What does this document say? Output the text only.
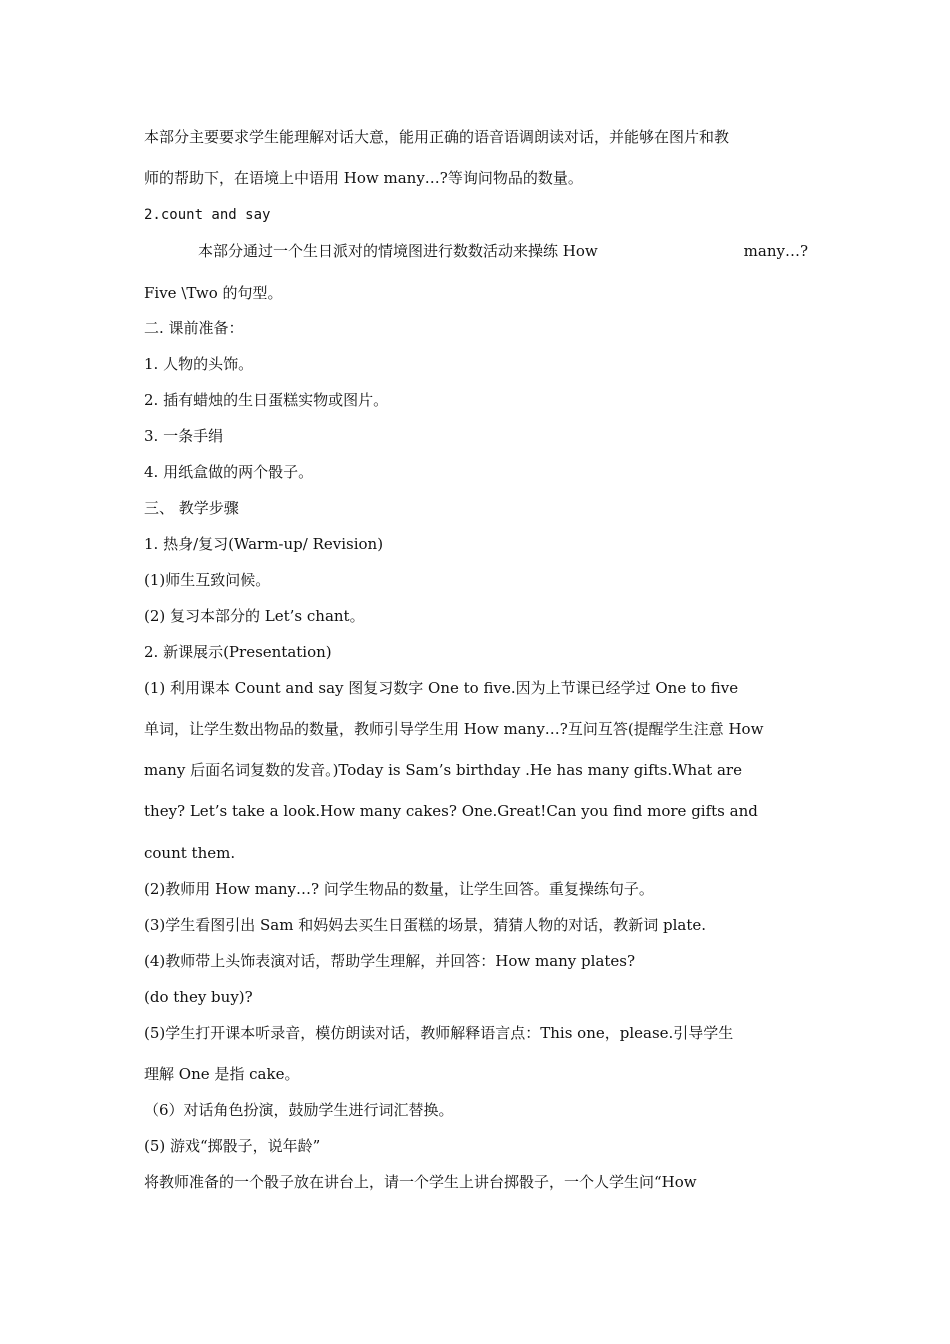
本部分主要要求学生能理解对话大意，能用正确的语音语调朗读对话，并能够在图片和教
师的帮助下，在语境上中语用 How many…?等询问物品的数量。
2.count and say
本部分通过一个生日派对的情境图进行数数活动来操练 How	many…?
Five \Two 的句型。
二. 课前准备：
1. 人物的头饰。
2. 插有蜡烛的生日蛋糕实物或图片。
3. 一条手绢
4. 用纸盒做的两个骰子。
三、 教学步骤
1. 热身/复习(Warm-up/ Revision)
(1)师生互致问候。
(2) 复习本部分的 Let’s chant。
2. 新课展示(Presentation)
(1) 利用课本 Count and say 图复习数字 One to five.因为上节课已经学过 One to five
单词，让学生数出物品的数量，教师引导学生用 How many…?互问互答(提醒学生注意 How
many 后面名词复数的发音。)Today is Sam’s birthday .He has many gifts.What are
they? Let’s take a look.How many cakes? One.Great!Can you find more gifts and
count them.
(2)教师用 How many…? 问学生物品的数量，让学生回答。重复操练句子。
(3)学生看图引出 Sam 和妈妈去买生日蛋糕的场景，猜猜人物的对话，教新词 plate.
(4)教师带上头饰表演对话，帮助学生理解，并回答：How many plates?
(do they buy)?
(5)学生打开课本听录音，模仿朗读对话，教师解释语言点：This one，please.引导学生
理解 One 是指 cake。
（6）对话角色扮演，鼓励学生进行词汇替换。
(5) 游戏“掷骰子，说年龄”
将教师准备的一个骰子放在讲台上，请一个学生上讲台掷骰子，一个人学生问“How
